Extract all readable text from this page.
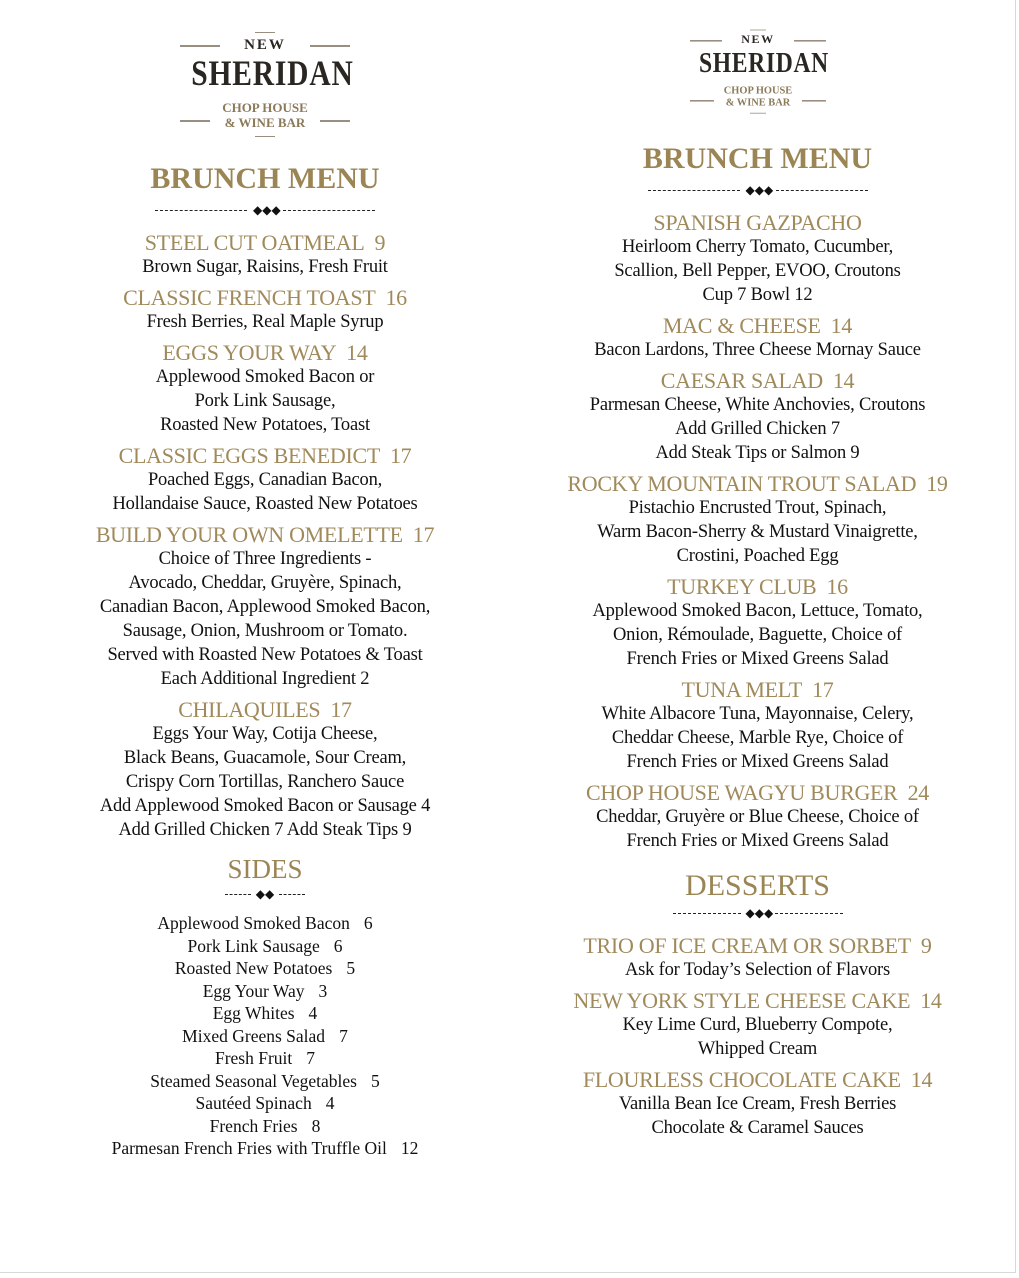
NEW
SHERIDAN
CHOP HOUSE
& WINE BAR
BRUNCH MENU
◆◆◆
STEEL CUT OATMEAL 9
Brown Sugar, Raisins, Fresh Fruit
CLASSIC FRENCH TOAST 16
Fresh Berries, Real Maple Syrup
EGGS YOUR WAY 14
Applewood Smoked Bacon or
Pork Link Sausage,
Roasted New Potatoes, Toast
CLASSIC EGGS BENEDICT 17
Poached Eggs, Canadian Bacon,
Hollandaise Sauce, Roasted New Potatoes
BUILD YOUR OWN OMELETTE 17
Choice of Three Ingredients -
Avocado, Cheddar, Gruyère, Spinach,
Canadian Bacon, Applewood Smoked Bacon,
Sausage, Onion, Mushroom or Tomato.
Served with Roasted New Potatoes & Toast
Each Additional Ingredient 2
CHILAQUILES 17
Eggs Your Way, Cotija Cheese,
Black Beans, Guacamole, Sour Cream,
Crispy Corn Tortillas, Ranchero Sauce
Add Applewood Smoked Bacon or Sausage 4
Add Grilled Chicken 7 Add Steak Tips 9
SIDES
◆◆
Applewood Smoked Bacon 6
Pork Link Sausage 6
Roasted New Potatoes 5
Egg Your Way 3
Egg Whites 4
Mixed Greens Salad 7
Fresh Fruit 7
Steamed Seasonal Vegetables 5
Sautéed Spinach 4
French Fries 8
Parmesan French Fries with Truffle Oil 12
NEW
SHERIDAN
CHOP HOUSE
& WINE BAR
BRUNCH MENU
◆◆◆
SPANISH GAZPACHO
Heirloom Cherry Tomato, Cucumber,
Scallion, Bell Pepper, EVOO, Croutons
Cup 7 Bowl 12
MAC & CHEESE 14
Bacon Lardons, Three Cheese Mornay Sauce
CAESAR SALAD 14
Parmesan Cheese, White Anchovies, Croutons
Add Grilled Chicken 7
Add Steak Tips or Salmon 9
ROCKY MOUNTAIN TROUT SALAD 19
Pistachio Encrusted Trout, Spinach,
Warm Bacon-Sherry & Mustard Vinaigrette,
Crostini, Poached Egg
TURKEY CLUB 16
Applewood Smoked Bacon, Lettuce, Tomato,
Onion, Rémoulade, Baguette, Choice of
French Fries or Mixed Greens Salad
TUNA MELT 17
White Albacore Tuna, Mayonnaise, Celery,
Cheddar Cheese, Marble Rye, Choice of
French Fries or Mixed Greens Salad
CHOP HOUSE WAGYU BURGER 24
Cheddar, Gruyère or Blue Cheese, Choice of
French Fries or Mixed Greens Salad
DESSERTS
◆◆◆
TRIO OF ICE CREAM OR SORBET 9
Ask for Today’s Selection of Flavors
NEW YORK STYLE CHEESE CAKE 14
Key Lime Curd, Blueberry Compote,
Whipped Cream
FLOURLESS CHOCOLATE CAKE 14
Vanilla Bean Ice Cream, Fresh Berries
Chocolate & Caramel Sauces
